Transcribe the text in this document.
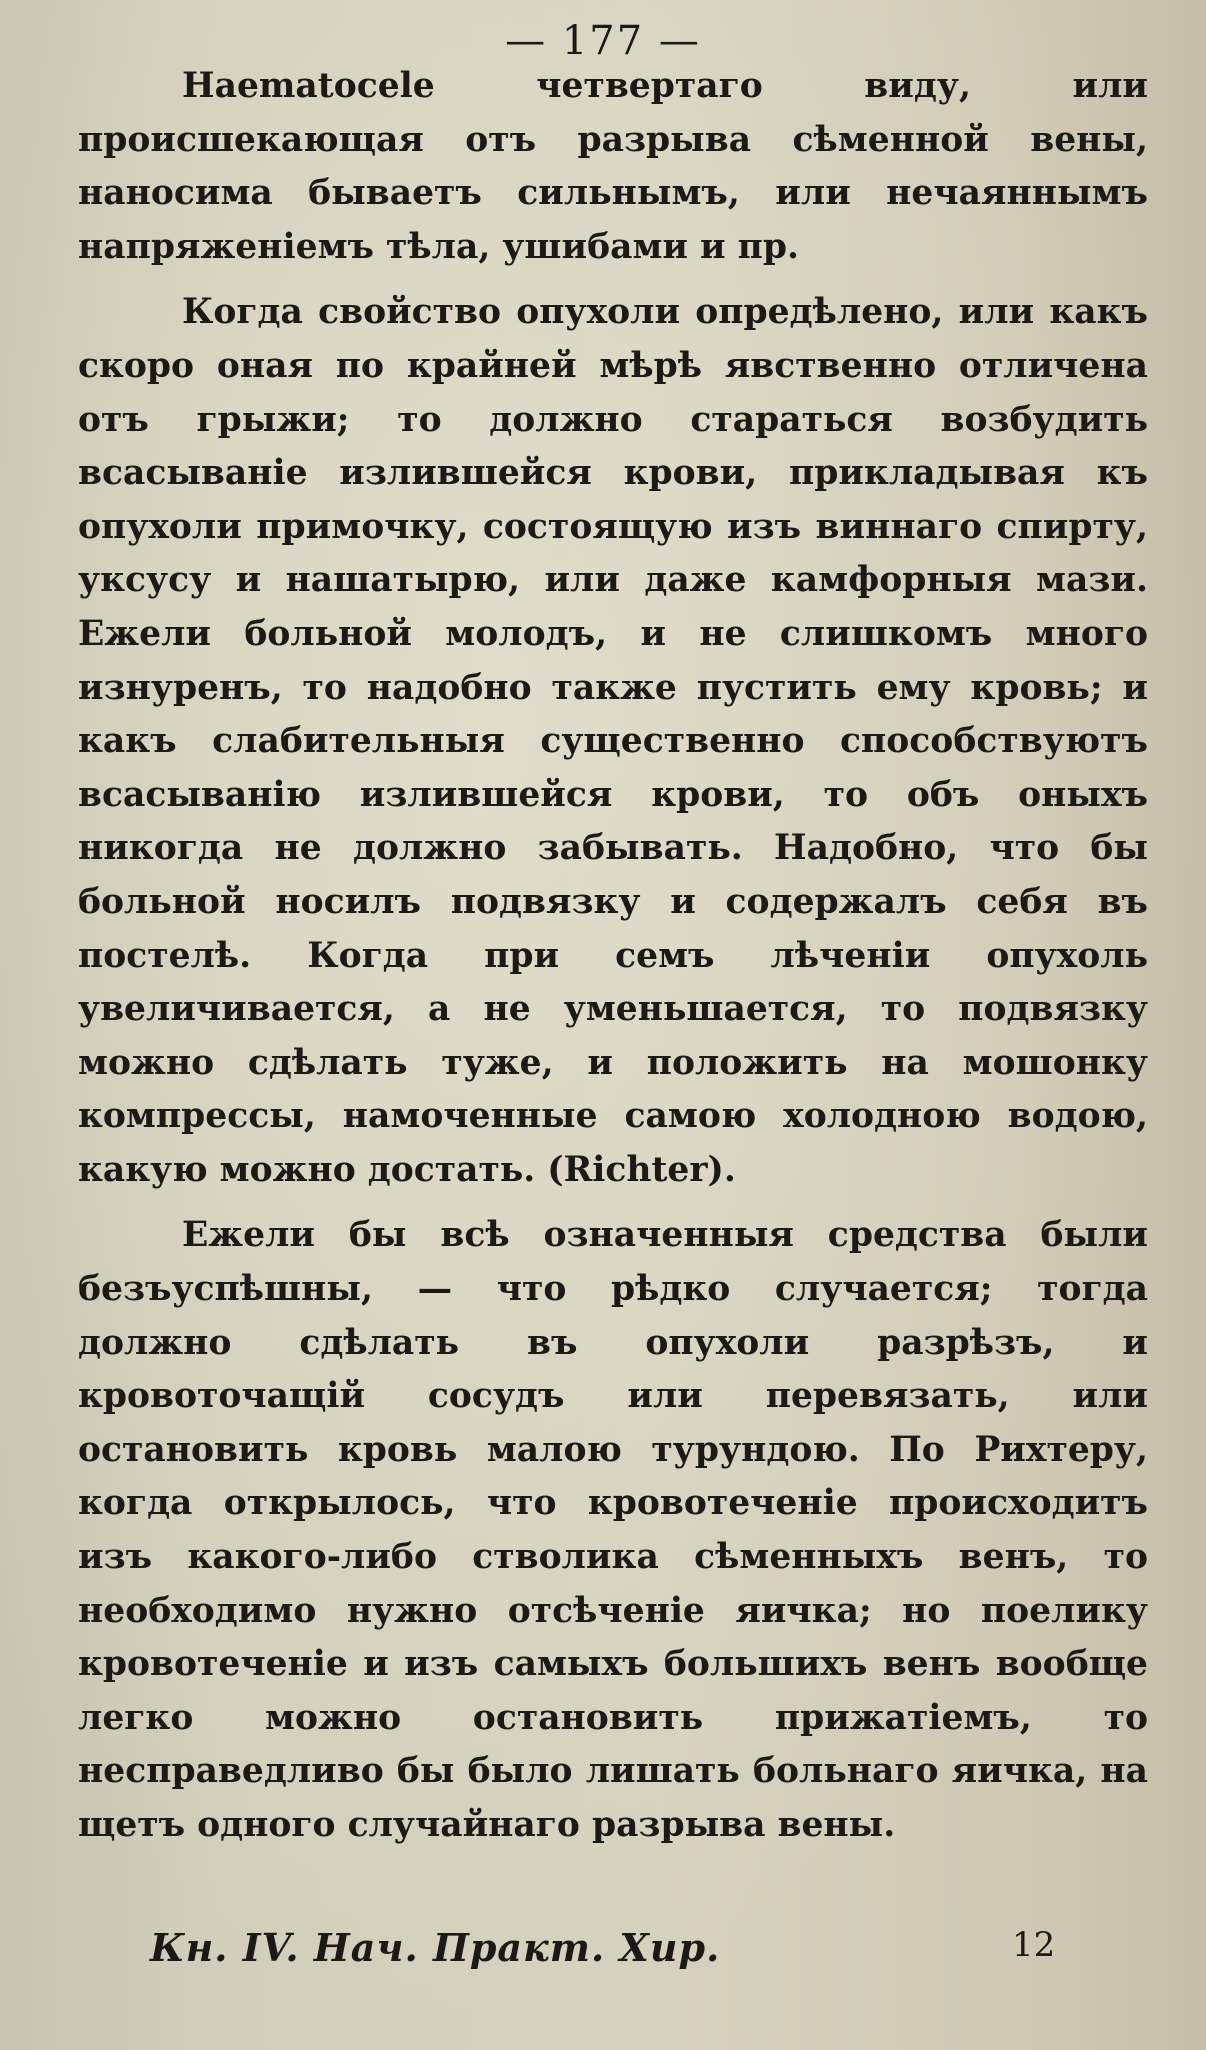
— 177 —

Haematocele четвертаго виду, или происшекающая отъ разрыва сѣменной вены, наносима бываетъ сильнымъ, или нечаяннымъ напряженіемъ тѣла, ушибами и пр.

Когда свойство опухоли опредѣлено, или какъ скоро оная по крайней мѣрѣ явственно отличена отъ грыжи; то должно стараться возбудить всасываніе излившейся крови, прикладывая къ опухоли примочку, состоящую изъ виннаго спирту, уксусу и нашатырю, или даже камфорныя мази. Ежели больной молодъ, и не слишкомъ много изнуренъ, то надобно также пустить ему кровь; и какъ слабительныя существенно способствуютъ всасыванію излившейся крови, то объ оныхъ никогда не должно забывать. Надобно, что бы больной носилъ подвязку и содержалъ себя въ постелѣ. Когда при семъ лѣченіи опухоль увеличивается, а не уменьшается, то подвязку можно сдѣлать туже, и положить на мошонку компрессы, намоченные самою холодною водою, какую можно достать. (Richter).

Ежели бы всѣ означенныя средства были безъуспѣшны, — что рѣдко случается; тогда должно сдѣлать въ опухоли разрѣзъ, и кровоточащій сосудъ или перевязать, или остановить кровь малою турундою. По Рихтеру, когда открылось, что кровотеченіе происходитъ изъ какого-либо стволика сѣменныхъ венъ, то необходимо нужно отсѣченіе яичка; но поелику кровотеченіе и изъ самыхъ большихъ венъ вообще легко можно остановить прижатіемъ, то несправедливо бы было лишать больнаго яичка, на щетъ одного случайнаго разрыва вены.

Кн. IV. Нач. Практ. Хир.	12
